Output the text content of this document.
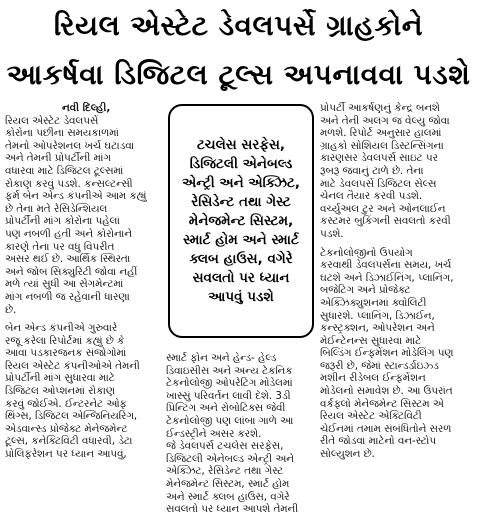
રિયલ એસ્ટેટ ડેવલપર્સે ગ્રાહકોને
આકર્ષવા ડિજિટલ ટૂલ્સ અપનાવવા પડશે
નવી દિલ્હી,

રિયલ એસ્ટેટ ડેવલપર્સે
કોરોના પછીના સમયકાળમાં
તેમનો ઓપરેશનલ ખર્ચ ઘટાડવા
અને તેમની પ્રોપર્ટીની માંગ
વધારવા માટે ડિજિટલ ટૂલ્સમાં
રોકાણ કરવું પડશે. કન્સલ્ટન્સી
ફર્મ બેન એન્ડ કંપનીએ આમ કહ્યું
છે તેના મતે રેસિડેન્શિયલ
પ્રોપર્ટીની માંગ કોરોના પહેલાં
પણ નબળી હતી અને કોરોનાને
કારણે તેના પર વધુ વિપરીત
અસર થઈ છે. આર્થિક સ્થિરતા
અને જોબ સિક્યુરિટી જોવા નહીં
મળે ત્યાં સુધી આ સેગમેન્ટમાં
માંગ નબળી જ રહેવાની ધારણા
છે.

બેન એન્ડ કંપનીએ ગુરુવારે
રજૂ કરેલા રિપોર્ટમાં કહ્યું છે કે
આવા પડકારજનક સંજોગોમાં
રિયલ એસ્ટેટ કંપનીઓએ તેમની
પ્રોપર્ટીની માંગ સુધારવા માટે
ડિજિટલ ઓપ્શનમાં રોકાણ
કરવું જોઈએ. ઈન્ટરનેટ ઓફ
થિંગ્સ, ડિજિટલ એન્જિનિયરિંગ,
એડવાન્સ્ડ પ્રોજેક્ટ મેનેજમેન્ટ
ટૂલ્સ, કનેક્ટિવિટી વધારવી, ડેટા
પ્રોલિફરેશન પર ધ્યાન આપવું,

ટચલેસ સરફેસ,
ડિજિટલી એનેબલ્ડ
એન્ટ્રી અને એક્ઝિટ,
રેસિડેન્ટ તથા ગેસ્ટ
મેનેજમેન્ટ સિસ્ટમ,
સ્માર્ટ હોમ અને સ્માર્ટ
ક્લબ હાઉસ, વગેરે
સવલતો પર ધ્યાન
આપવું પડશે

સ્માર્ટ ફોન અને હેન્ડ- હેલ્ડ
ડિવાઇસીસ અને અન્ય ટેકનિક
ટેકનોલોજી ઓપરેટિંગ મોડેલમાં
ખાસ્સું પરિવર્તન લાવી દેશે. 3ડી
પ્રિન્ટિંગ અને રોબોટિક્સ જેવી
ટેકનોલોજી પણ લાંબા ગાળે આ
ઈન્ડસ્ટ્રીને અસર કરશે.

જે ડેવલપર્સ ટચલેસ સરફેસ,
ડિજિટલી એનેબલ્ડ એન્ટ્રી અને
એક્ઝિટ, રેસિડેન્ટ તથા ગેસ્ટ
મેનેજમેન્ટ સિસ્ટમ, સ્માર્ટ હોમ
અને સ્માર્ટ ક્લબ હાઉસ, વગેરે
સવલતો પર ધ્યાન આપશે તેમની

પ્રોપર્ટી આકર્ષણનું કેન્દ્ર બનશે
અને તેની અલગ જ વેલ્યુ જોવા
મળશે. રિપોર્ટ અનુસાર હાલમાં
ગ્રાહકો સોશિયલ ડિસ્ટન્સિંગના
કારણસર ડેવલપર્સ સાઇટ પર
રૂબરૂ જવાનું ટાળે છે. તેના
માટે ડેવલપર્સે ડિજિટલ સેલ્સ
ચેનલ તૈયાર કરવી પડશે.
વર્ચ્યુઅલ ટુર અને ઓનલાઈન
કસ્ટમર બુકિંગની સવલતો કરવી
પડશે.

ટેકનોલોજીનો ઉપયોગ
કરવાથી ડેવલપર્સના સમય, ખર્ચ
ઘટશે અને ડિઝાઈનિંગ, પ્લાનિંગ,
બજેટિંગ અને પ્રોજેક્ટ
એક્ઝિક્યુશનમાં ક્વોલિટી
સુધારશે. પ્લાનિંગ, ડિઝાઈન,
કન્સ્ટ્રક્શન, ઓપરેશન અને
મેઈન્ટેનન્સ સુધારવા માટે
બિલ્ડિંગ ઈન્ફર્મેશન મોડેલિંગ પણ
જરૂરી છે, જેમાં સ્ટાન્ડર્ડાઇઝ્ડ
મશીન રીડેબલ ઈન્ફર્મેશન
મોડેલનો સમાવેશ છે. આ ઉપરાંત
વર્કફ્લો મેનેજમેન્ટ સિસ્ટમ એ
રિયલ એસ્ટેટ એક્ટિવિટી
ચેઈનમાં તમામ સંબંધિતોને સરળ
રીતે જોડવા માટેનો વન-સ્ટોપ
સોલ્યુશન છે.
